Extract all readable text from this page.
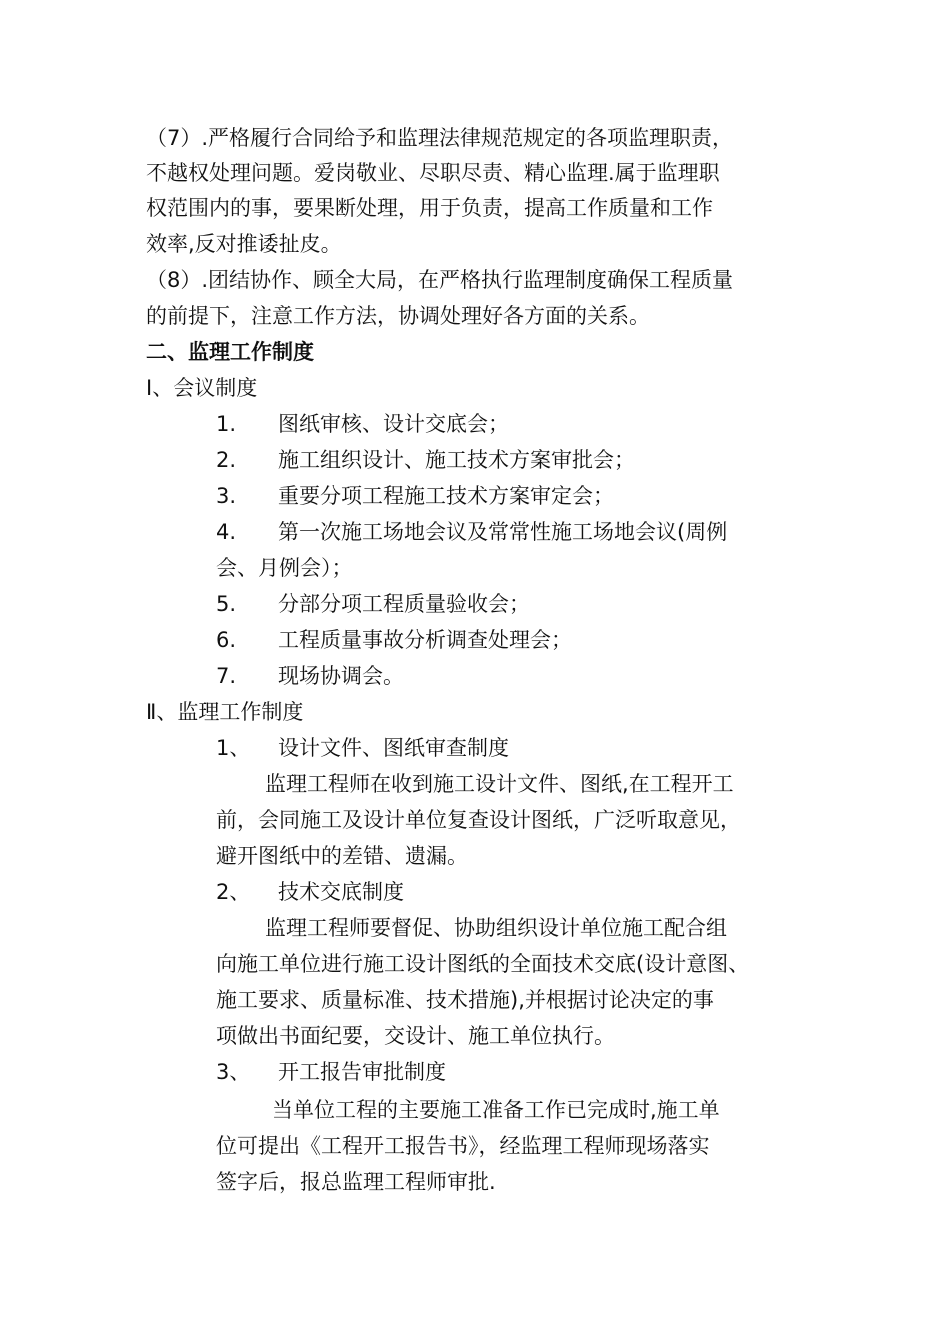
（7）.严格履行合同给予和监理法律规范规定的各项监理职责，
不越权处理问题。爱岗敬业、尽职尽责、精心监理.属于监理职
权范围内的事，要果断处理，用于负责，提高工作质量和工作
效率,反对推诿扯皮。
（8）.团结协作、顾全大局，在严格执行监理制度确保工程质量
的前提下，注意工作方法，协调处理好各方面的关系。
二、监理工作制度
Ⅰ、会议制度
1. 图纸审核、设计交底会；
2. 施工组织设计、施工技术方案审批会；
3. 重要分项工程施工技术方案审定会；
4. 第一次施工场地会议及常常性施工场地会议(周例
会、月例会）；
5. 分部分项工程质量验收会；
6. 工程质量事故分析调查处理会；
7. 现场协调会。
Ⅱ、监理工作制度
1、 设计文件、图纸审查制度
监理工程师在收到施工设计文件、图纸,在工程开工
前，会同施工及设计单位复查设计图纸，广泛听取意见，
避开图纸中的差错、遗漏。
2、 技术交底制度
监理工程师要督促、协助组织设计单位施工配合组
向施工单位进行施工设计图纸的全面技术交底(设计意图、
施工要求、质量标准、技术措施),并根据讨论决定的事
项做出书面纪要，交设计、施工单位执行。
3、 开工报告审批制度
当单位工程的主要施工准备工作已完成时,施工单
位可提出《工程开工报告书》，经监理工程师现场落实
签字后，报总监理工程师审批.
